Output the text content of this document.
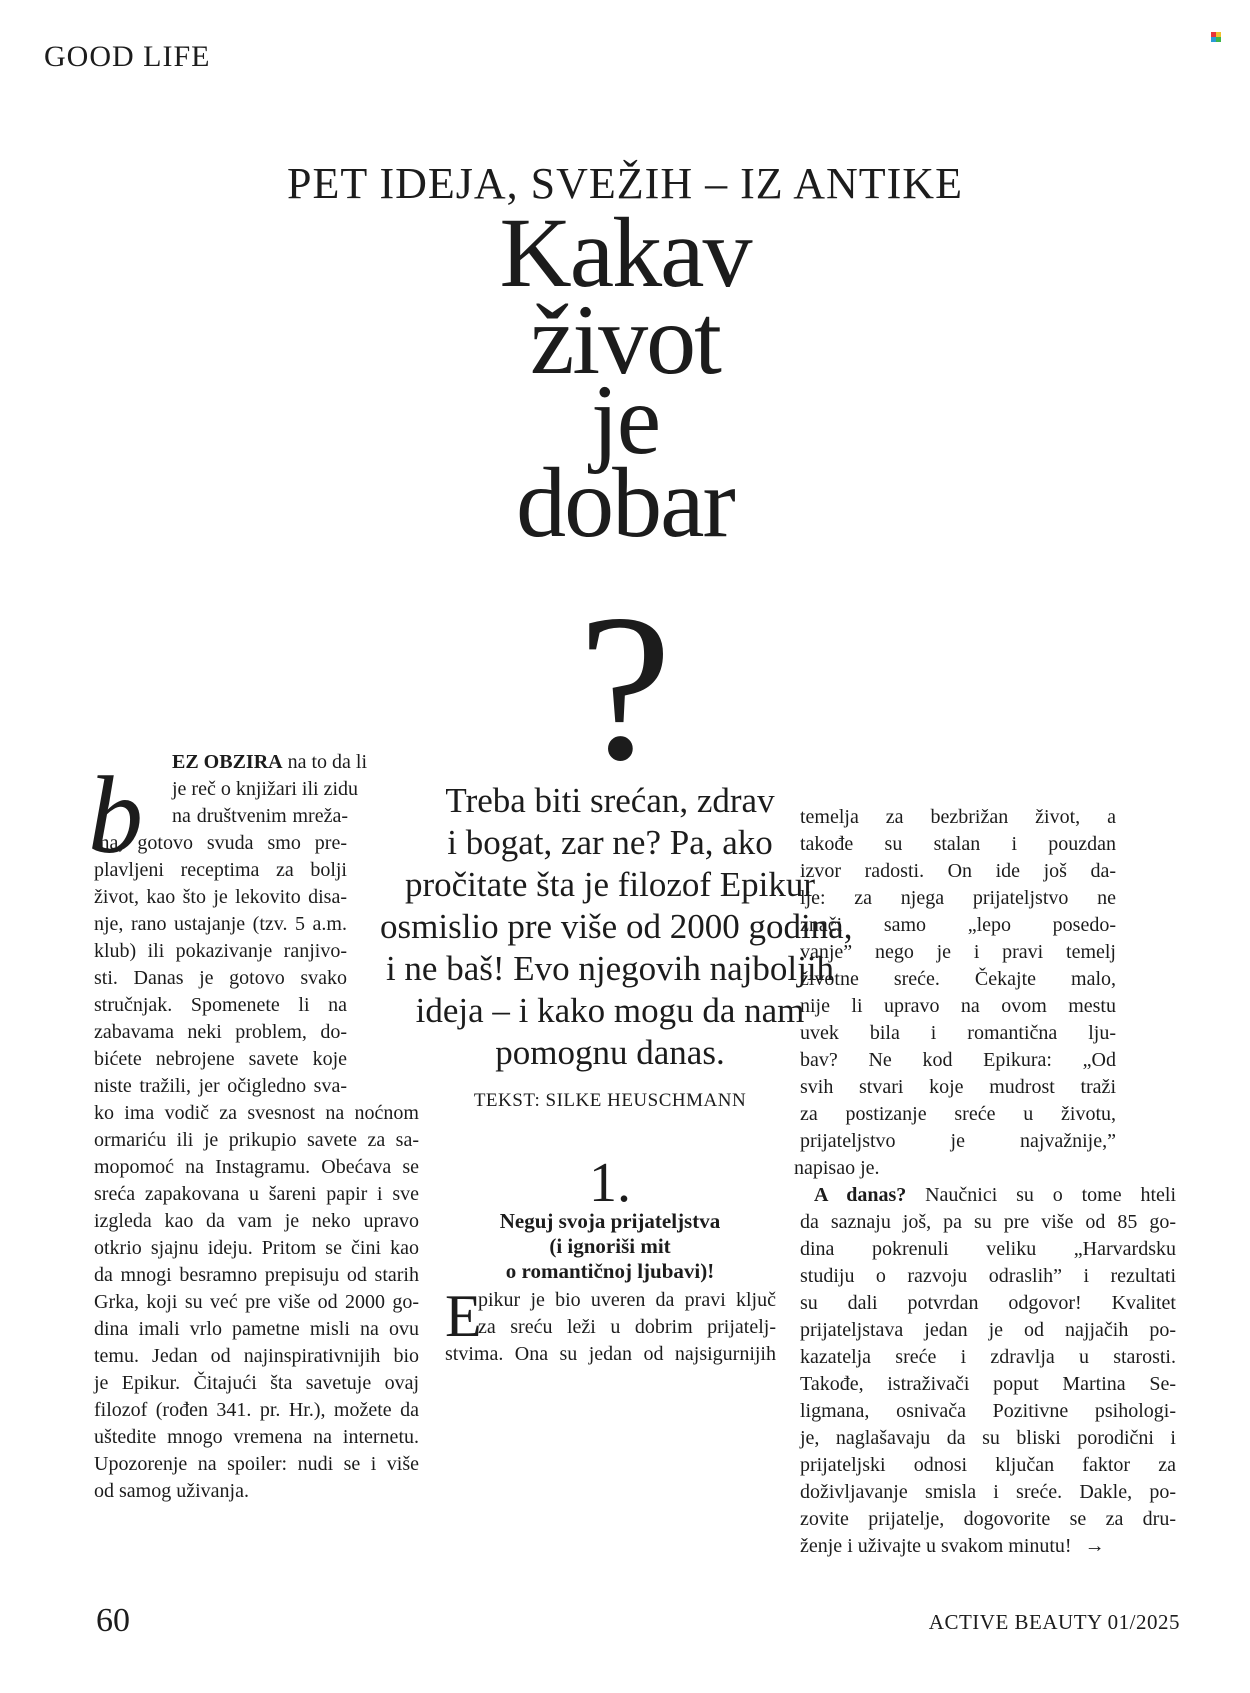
GOOD LIFE
PET IDEJA, SVEŽIH – IZ ANTIKE
Kakav
život
je
dobar
?
b EZ OBZIRA na to da li
je reč o knjižari ili zidu
na društvenim mreža-
ma, gotovo svuda smo pre-
plavljeni receptima za bolji
život, kao što je lekovito disa-
nje, rano ustajanje (tzv. 5 a.m.
klub) ili pokazivanje ranjivo-
sti. Danas je gotovo svako
stručnjak. Spomenete li na
zabavama neki problem, do-
bićete nebrojene savete koje
niste tražili, jer očigledno sva-
ko ima vodič za svesnost na noćnom
ormariću ili je prikupio savete za sa-
mopomoć na Instagramu. Obećava se
sreća zapakovana u šareni papir i sve
izgleda kao da vam je neko upravo
otkrio sjajnu ideju. Pritom se čini kao
da mnogi besramno prepisuju od starih
Grka, koji su već pre više od 2000 go-
dina imali vrlo pametne misli na ovu
temu. Jedan od najinspirativnijih bio
je Epikur. Čitajući šta savetuje ovaj
filozof (rođen 341. pr. Hr.), možete da
uštedite mnogo vremena na internetu.
Upozorenje na spoiler: nudi se i više
od samog uživanja.
Treba biti srećan, zdrav
i bogat, zar ne? Pa, ako
pročitate šta je filozof Epikur
osmislio pre više od 2000 godina,
i ne baš! Evo njegovih najboljih
ideja – i kako mogu da nam
pomognu danas.
TEKST: SILKE HEUSCHMANN
1.
Neguj svoja prijateljstva
(i ignoriši mit
o romantičnoj ljubavi)!
E
pikur je bio uveren da pravi ključ
za sreću leži u dobrim prijatelj-
stvima. Ona su jedan od najsigurnijih
temelja za bezbrižan život, a
takođe su stalan i pouzdan
izvor radosti. On ide još da-
lje: za njega prijateljstvo ne
znači samo „lepo posedo-
vanje” nego je i pravi temelj
životne sreće. Čekajte malo,
nije li upravo na ovom mestu
uvek bila i romantična lju-
bav? Ne kod Epikura: „Od
svih stvari koje mudrost traži
za postizanje sreće u životu,
prijateljstvo je najvažnije,”
napisao je.
A danas? Naučnici su o tome hteli
da saznaju još, pa su pre više od 85 go-
dina pokrenuli veliku „Harvardsku
studiju o razvoju odraslih” i rezultati
su dali potvrdan odgovor! Kvalitet
prijateljstava jedan je od najjačih po-
kazatelja sreće i zdravlja u starosti.
Takođe, istraživači poput Martina Se-
ligmana, osnivača Pozitivne psihologi-
je, naglašavaju da su bliski porodični i
prijateljski odnosi ključan faktor za
doživljavanje smisla i sreće. Dakle, po-
zovite prijatelje, dogovorite se za dru-
ženje i uživajte u svakom minutu! →
60	ACTIVE BEAUTY 01/2025
